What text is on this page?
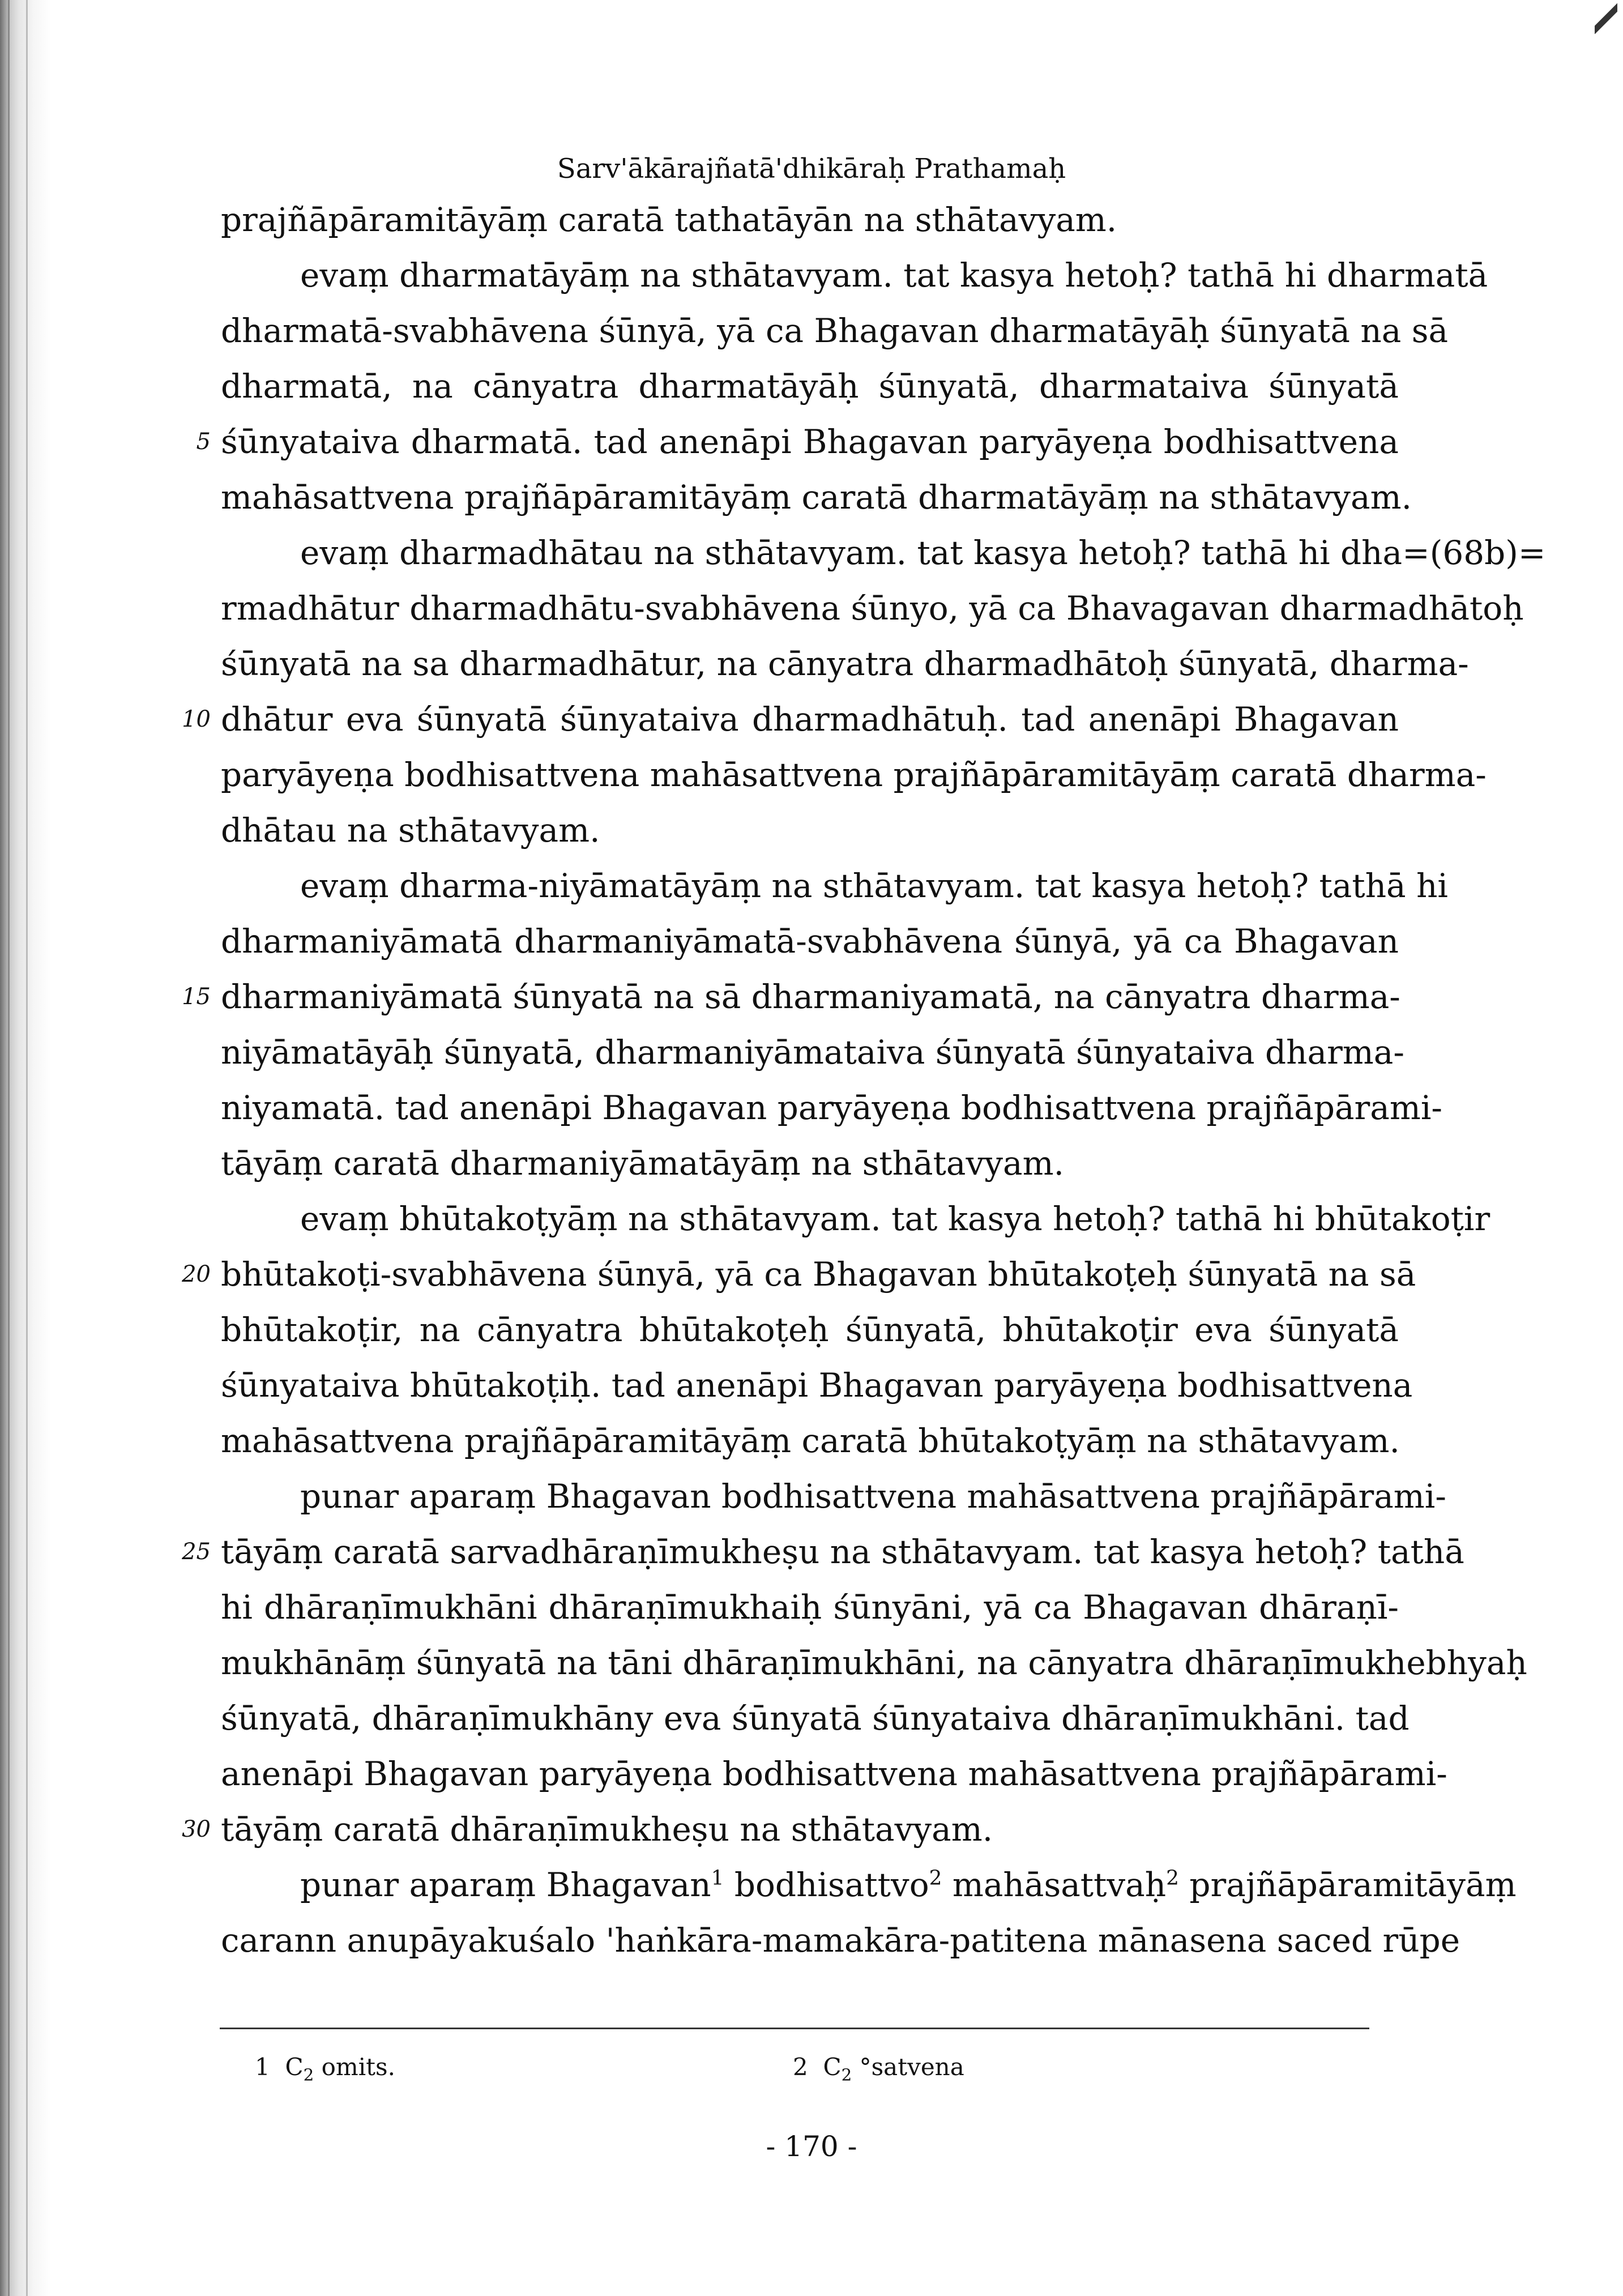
Sarv'ākārajñatā'dhikāraḥ Prathamaḥ
prajñāpāramitāyāṃ caratā tathatāyān na sthātavyam.
evaṃ dharmatāyāṃ na sthātavyam. tat kasya hetoḥ? tathā hi dharmatā
dharmatā-svabhāvena śūnyā, yā ca Bhagavan dharmatāyāḥ śūnyatā na sā
dharmatā, na cānyatra dharmatāyāḥ śūnyatā, dharmataiva śūnyatā
śūnyataiva dharmatā. tad anenāpi Bhagavan paryāyeṇa bodhisattvena
mahāsattvena prajñāpāramitāyāṃ caratā dharmatāyāṃ na sthātavyam.
evaṃ dharmadhātau na sthātavyam. tat kasya hetoḥ? tathā hi dha=(68b)=
rmadhātur dharmadhātu-svabhāvena śūnyo, yā ca Bhavagavan dharmadhātoḥ
śūnyatā na sa dharmadhātur, na cānyatra dharmadhātoḥ śūnyatā, dharma-
dhātur eva śūnyatā śūnyataiva dharmadhātuḥ. tad anenāpi Bhagavan
paryāyeṇa bodhisattvena mahāsattvena prajñāpāramitāyāṃ caratā dharma-
dhātau na sthātavyam.
evaṃ dharma-niyāmatāyāṃ na sthātavyam. tat kasya hetoḥ? tathā hi
dharmaniyāmatā dharmaniyāmatā-svabhāvena śūnyā, yā ca Bhagavan
dharmaniyāmatā śūnyatā na sā dharmaniyamatā, na cānyatra dharma-
niyāmatāyāḥ śūnyatā, dharmaniyāmataiva śūnyatā śūnyataiva dharma-
niyamatā. tad anenāpi Bhagavan paryāyeṇa bodhisattvena prajñāpārami-
tāyāṃ caratā dharmaniyāmatāyāṃ na sthātavyam.
evaṃ bhūtakoṭyāṃ na sthātavyam. tat kasya hetoḥ? tathā hi bhūtakoṭir
bhūtakoṭi-svabhāvena śūnyā, yā ca Bhagavan bhūtakoṭeḥ śūnyatā na sā
bhūtakoṭir, na cānyatra bhūtakoṭeḥ śūnyatā, bhūtakoṭir eva śūnyatā
śūnyataiva bhūtakoṭiḥ. tad anenāpi Bhagavan paryāyeṇa bodhisattvena
mahāsattvena prajñāpāramitāyāṃ caratā bhūtakoṭyāṃ na sthātavyam.
punar aparaṃ Bhagavan bodhisattvena mahāsattvena prajñāpārami-
tāyāṃ caratā sarvadhāraṇīmukheṣu na sthātavyam. tat kasya hetoḥ? tathā
hi dhāraṇīmukhāni dhāraṇīmukhaiḥ śūnyāni, yā ca Bhagavan dhāraṇī-
mukhānāṃ śūnyatā na tāni dhāraṇīmukhāni, na cānyatra dhāraṇīmukhebhyaḥ
śūnyatā, dhāraṇīmukhāny eva śūnyatā śūnyataiva dhāraṇīmukhāni. tad
anenāpi Bhagavan paryāyeṇa bodhisattvena mahāsattvena prajñāpārami-
tāyāṃ caratā dhāraṇīmukheṣu na sthātavyam.
punar aparaṃ Bhagavan$^1$ bodhisattvo$^2$ mahāsattvaḥ$^2$ prajñāpāramitāyāṃ
carann anupāyakuśalo 'haṅkāra-mamakāra-patitena mānasena saced rūpe
5
10
15
20
25
30
1 $C_2$ omits.	2 $C_2$ °satvena
- 170 -
